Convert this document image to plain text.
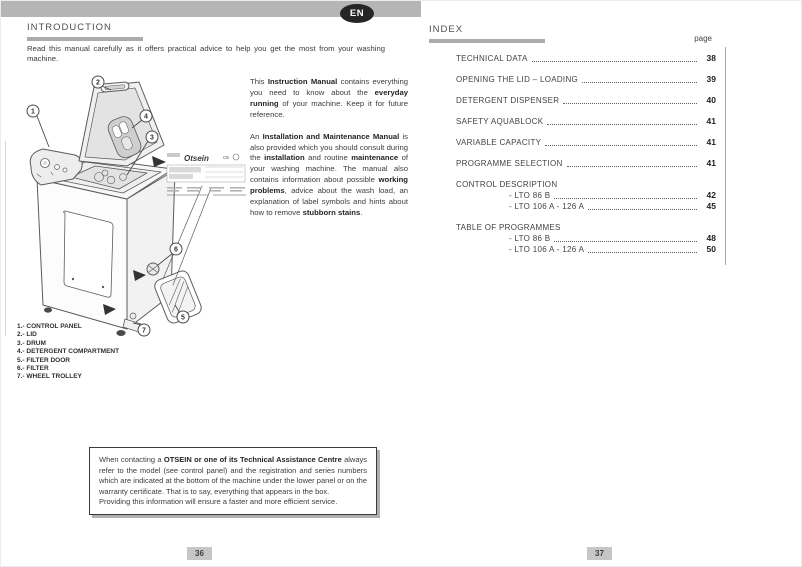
EN
INTRODUCTION
Read this manual carefully as it offers practical advice to help you get the most from your washing machine.
Otsein	CE
1
2
3
4
5
6
7

This Instruction Manual contains everything you need to know about the everyday running of your machine. Keep it for future reference.

An Installation and Maintenance Manual is also provided which you should consult during the installation and routine maintenance of your washing machine. The manual also contains information about possible working problems, advice about the wash load, an explanation of label symbols and hints about how to remove stubborn stains.

1.- CONTROL PANEL
2.- LID
3.- DRUM
4.- DETERGENT COMPARTMENT
5.- FILTER DOOR
6.- FILTER
7.- WHEEL TROLLEY

When contacting a OTSEIN or one of its Technical Assistance Centre always refer to the model (see control panel) and the registration and series numbers which are indicated at the bottom of the machine under the lower panel or on the warranty certificate. That is to say, everything that appears in the box.

Providing this information will ensure a faster and more efficient service.

36
INDEX
page
TECHNICAL DATA	38
OPENING THE LID – LOADING	39
DETERGENT DISPENSER	40
SAFETY AQUABLOCK	41
VARIABLE CAPACITY	41
PROGRAMME SELECTION	41
CONTROL DESCRIPTION
- LTO 86 B	42
- LTO 106 A - 126 A	45
TABLE OF PROGRAMMES
- LTO 86 B	48
- LTO 106 A - 126 A	50
37
